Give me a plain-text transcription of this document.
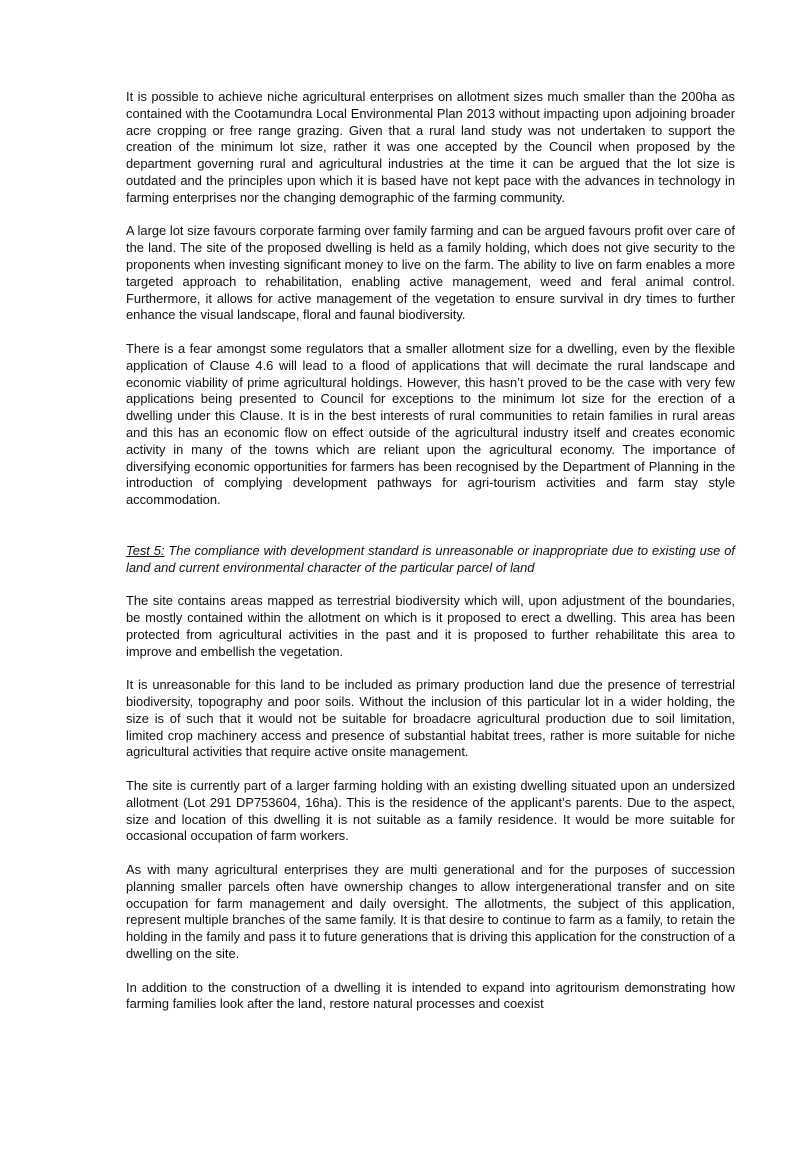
It is possible to achieve niche agricultural enterprises on allotment sizes much smaller than the 200ha as contained with the Cootamundra Local Environmental Plan 2013 without impacting upon adjoining broader acre cropping or free range grazing. Given that a rural land study was not undertaken to support the creation of the minimum lot size, rather it was one accepted by the Council when proposed by the department governing rural and agricultural industries at the time it can be argued that the lot size is outdated and the principles upon which it is based have not kept pace with the advances in technology in farming enterprises nor the changing demographic of the farming community.

A large lot size favours corporate farming over family farming and can be argued favours profit over care of the land. The site of the proposed dwelling is held as a family holding, which does not give security to the proponents when investing significant money to live on the farm. The ability to live on farm enables a more targeted approach to rehabilitation, enabling active management, weed and feral animal control. Furthermore, it allows for active management of the vegetation to ensure survival in dry times to further enhance the visual landscape, floral and faunal biodiversity.

There is a fear amongst some regulators that a smaller allotment size for a dwelling, even by the flexible application of Clause 4.6 will lead to a flood of applications that will decimate the rural landscape and economic viability of prime agricultural holdings. However, this hasn’t proved to be the case with very few applications being presented to Council for exceptions to the minimum lot size for the erection of a dwelling under this Clause. It is in the best interests of rural communities to retain families in rural areas and this has an economic flow on effect outside of the agricultural industry itself and creates economic activity in many of the towns which are reliant upon the agricultural economy. The importance of diversifying economic opportunities for farmers has been recognised by the Department of Planning in the introduction of complying development pathways for agri-tourism activities and farm stay style accommodation.

Test 5: The compliance with development standard is unreasonable or inappropriate due to existing use of land and current environmental character of the particular parcel of land

The site contains areas mapped as terrestrial biodiversity which will, upon adjustment of the boundaries, be mostly contained within the allotment on which is it proposed to erect a dwelling. This area has been protected from agricultural activities in the past and it is proposed to further rehabilitate this area to improve and embellish the vegetation.

It is unreasonable for this land to be included as primary production land due the presence of terrestrial biodiversity, topography and poor soils. Without the inclusion of this particular lot in a wider holding, the size is of such that it would not be suitable for broadacre agricultural production due to soil limitation, limited crop machinery access and presence of substantial habitat trees, rather is more suitable for niche agricultural activities that require active onsite management.

The site is currently part of a larger farming holding with an existing dwelling situated upon an undersized allotment (Lot 291 DP753604, 16ha). This is the residence of the applicant’s parents. Due to the aspect, size and location of this dwelling it is not suitable as a family residence. It would be more suitable for occasional occupation of farm workers.

As with many agricultural enterprises they are multi generational and for the purposes of succession planning smaller parcels often have ownership changes to allow intergenerational transfer and on site occupation for farm management and daily oversight. The allotments, the subject of this application, represent multiple branches of the same family. It is that desire to continue to farm as a family, to retain the holding in the family and pass it to future generations that is driving this application for the construction of a dwelling on the site.

In addition to the construction of a dwelling it is intended to expand into agritourism demonstrating how farming families look after the land, restore natural processes and coexist
